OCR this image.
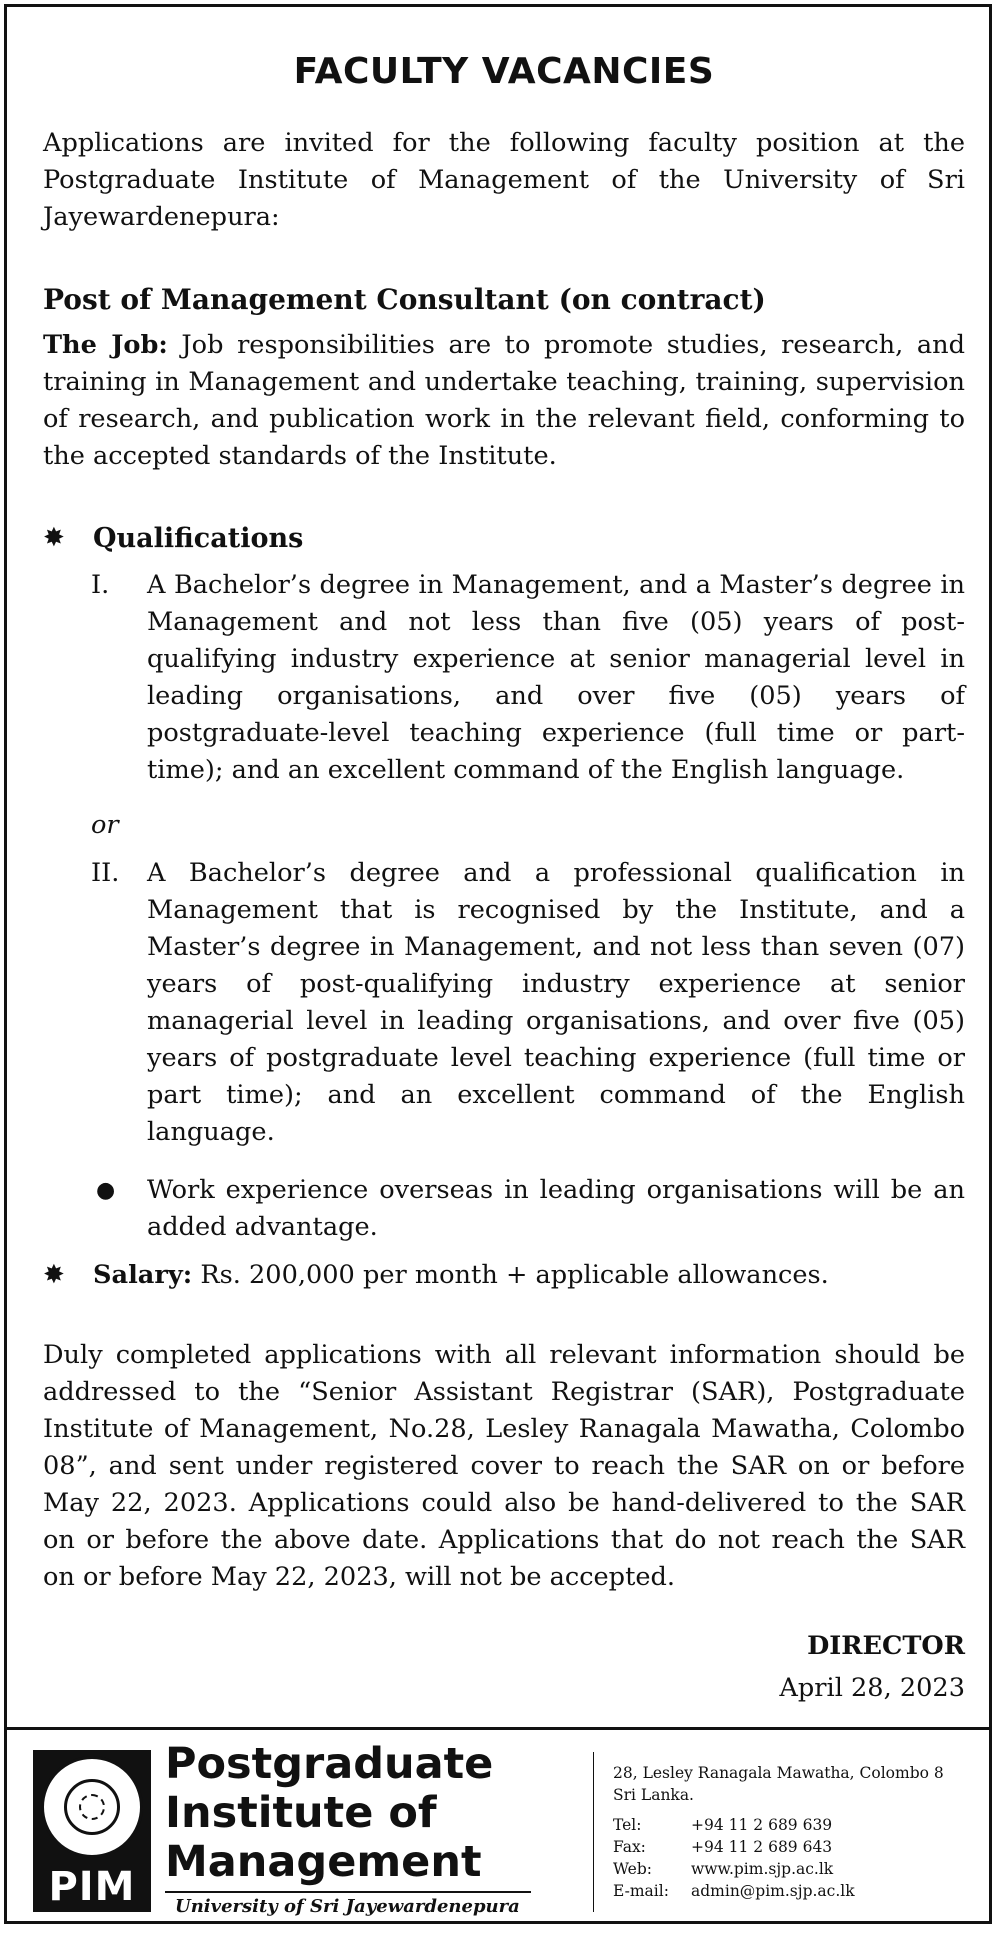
FACULTY VACANCIES
Applications are invited for the following faculty position at the Postgraduate Institute of Management of the University of Sri Jayewardenepura:
Post of Management Consultant (on contract)
The Job: Job responsibilities are to promote studies, research, and training in Management and undertake teaching, training, supervision of research, and publication work in the relevant field, conforming to the accepted standards of the Institute.
✸ Qualifications
I. A Bachelor’s degree in Management, and a Master’s degree in Management and not less than five (05) years of post-qualifying industry experience at senior managerial level in leading organisations, and over five (05) years of postgraduate-level teaching experience (full time or part-time); and an excellent command of the English language.
or
II. A Bachelor’s degree and a professional qualification in Management that is recognised by the Institute, and a Master’s degree in Management, and not less than seven (07) years of post-qualifying industry experience at senior managerial level in leading organisations, and over five (05) years of postgraduate level teaching experience (full time or part time); and an excellent command of the English language.
● Work experience overseas in leading organisations will be an added advantage.
✸ Salary: Rs. 200,000 per month + applicable allowances.
Duly completed applications with all relevant information should be addressed to the “Senior Assistant Registrar (SAR), Postgraduate Institute of Management, No.28, Lesley Ranagala Mawatha, Colombo 08”, and sent under registered cover to reach the SAR on or before May 22, 2023. Applications could also be hand-delivered to the SAR on or before the above date. Applications that do not reach the SAR on or before May 22, 2023, will not be accepted.
DIRECTOR
April 28, 2023
PIM
Postgraduate
Institute of
Management
University of Sri Jayewardenepura
28, Lesley Ranagala Mawatha, Colombo 8
Sri Lanka.
Tel:	+94 11 2 689 639
Fax:	+94 11 2 689 643
Web:	www.pim.sjp.ac.lk
E-mail: admin@pim.sjp.ac.lk
